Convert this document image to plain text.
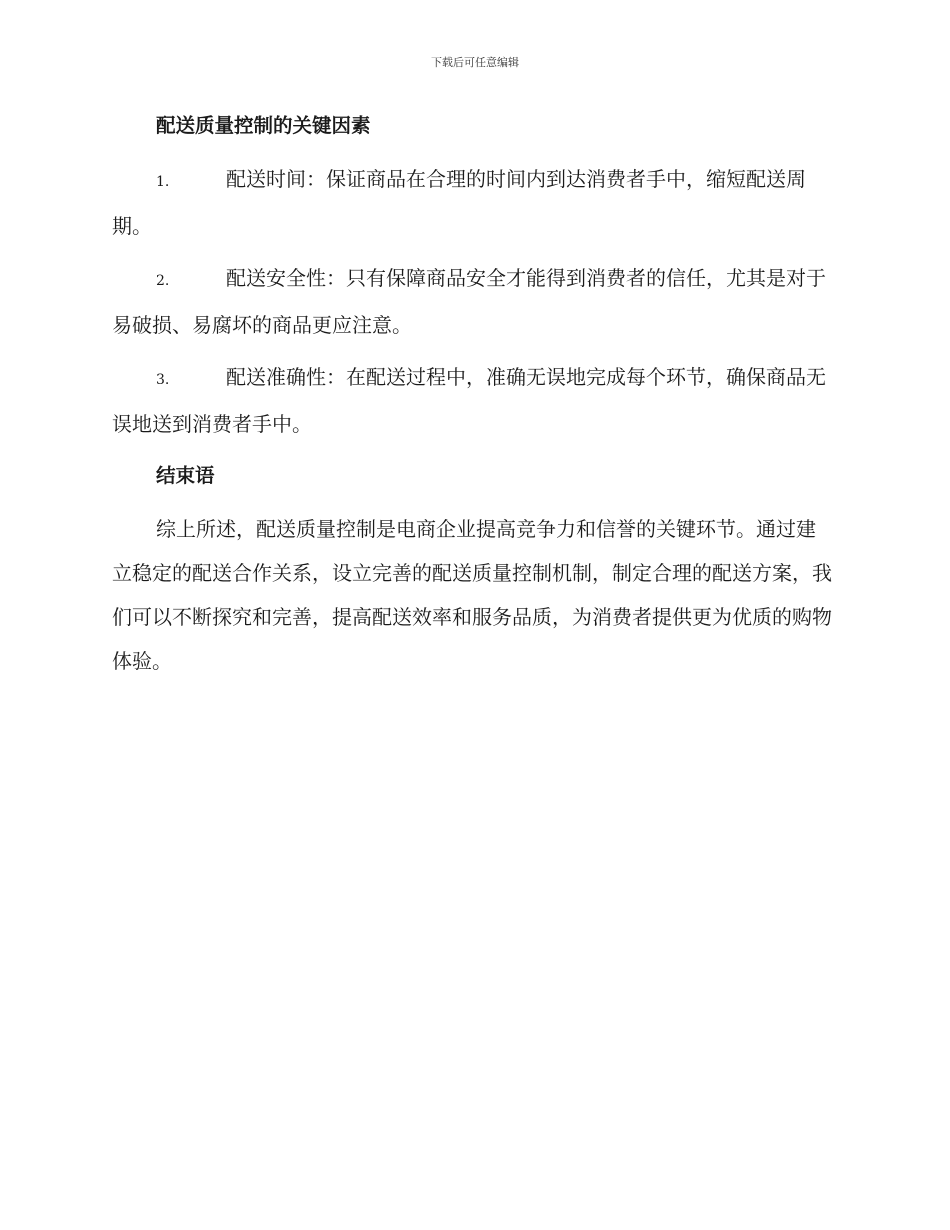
下载后可任意编辑
配送质量控制的关键因素
1.	配送时间：保证商品在合理的时间内到达消费者手中，缩短配送周期。
2.	配送安全性：只有保障商品安全才能得到消费者的信任，尤其是对于易破损、易腐坏的商品更应注意。
3.	配送准确性：在配送过程中，准确无误地完成每个环节，确保商品无误地送到消费者手中。
结束语

综上所述，配送质量控制是电商企业提高竞争力和信誉的关键环节。通过建立稳定的配送合作关系，设立完善的配送质量控制机制，制定合理的配送方案，我们可以不断探究和完善，提高配送效率和服务品质，为消费者提供更为优质的购物体验。
